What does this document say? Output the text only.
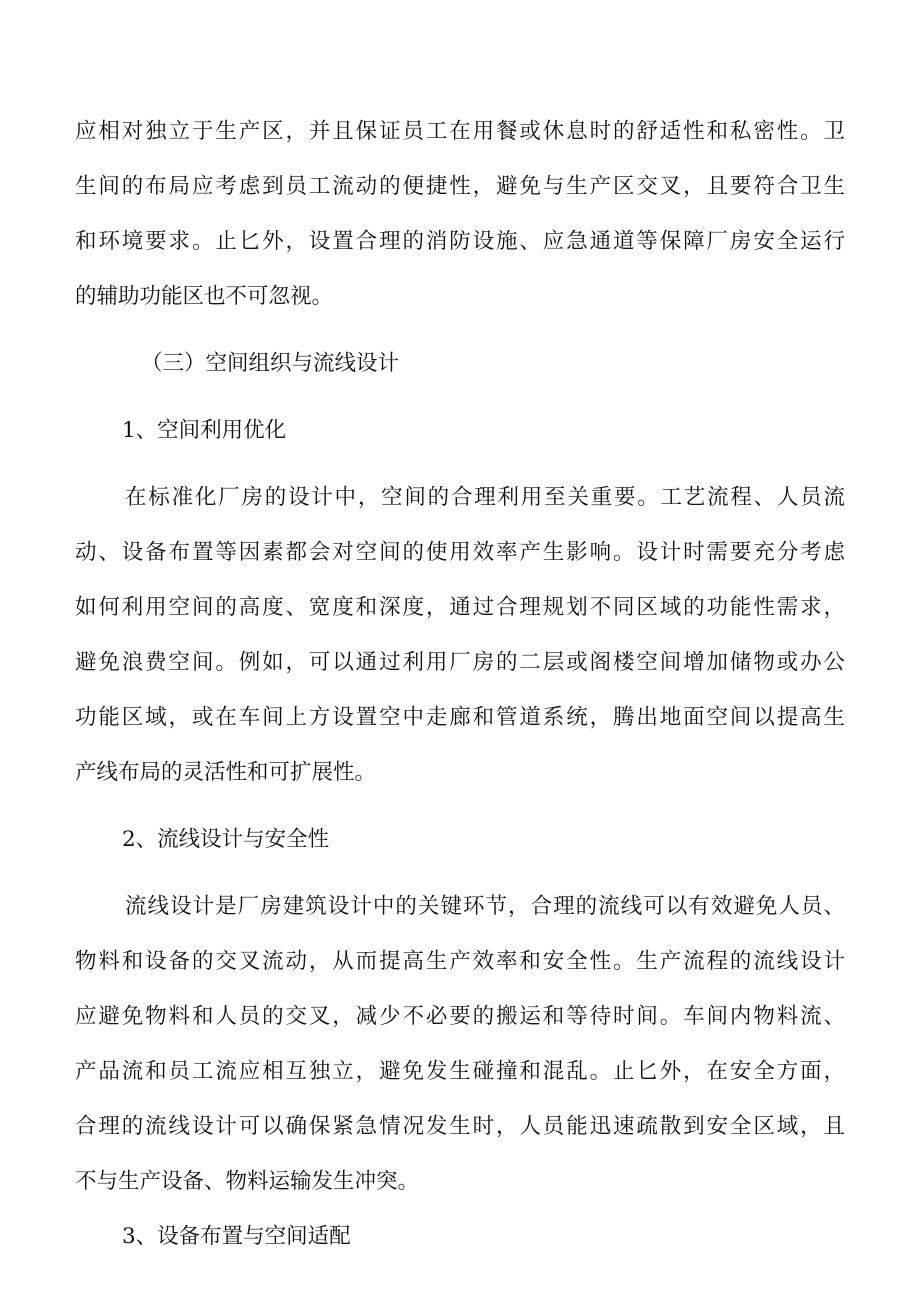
应相对独立于生产区，并且保证员工在用餐或休息时的舒适性和私密性。卫
生间的布局应考虑到员工流动的便捷性，避免与生产区交叉，且要符合卫生
和环境要求。止匕外，设置合理的消防设施、应急通道等保障厂房安全运行
的辅助功能区也不可忽视。
（三）空间组织与流线设计
1、空间利用优化
在标准化厂房的设计中，空间的合理利用至关重要。工艺流程、人员流
动、设备布置等因素都会对空间的使用效率产生影响。设计时需要充分考虑
如何利用空间的高度、宽度和深度，通过合理规划不同区域的功能性需求，
避免浪费空间。例如，可以通过利用厂房的二层或阁楼空间增加储物或办公
功能区域，或在车间上方设置空中走廊和管道系统，腾出地面空间以提高生
产线布局的灵活性和可扩展性。
2、流线设计与安全性
流线设计是厂房建筑设计中的关键环节，合理的流线可以有效避免人员、
物料和设备的交叉流动，从而提高生产效率和安全性。生产流程的流线设计
应避免物料和人员的交叉，减少不必要的搬运和等待时间。车间内物料流、
产品流和员工流应相互独立，避免发生碰撞和混乱。止匕外，在安全方面，
合理的流线设计可以确保紧急情况发生时，人员能迅速疏散到安全区域，且
不与生产设备、物料运输发生冲突。
3、设备布置与空间适配
